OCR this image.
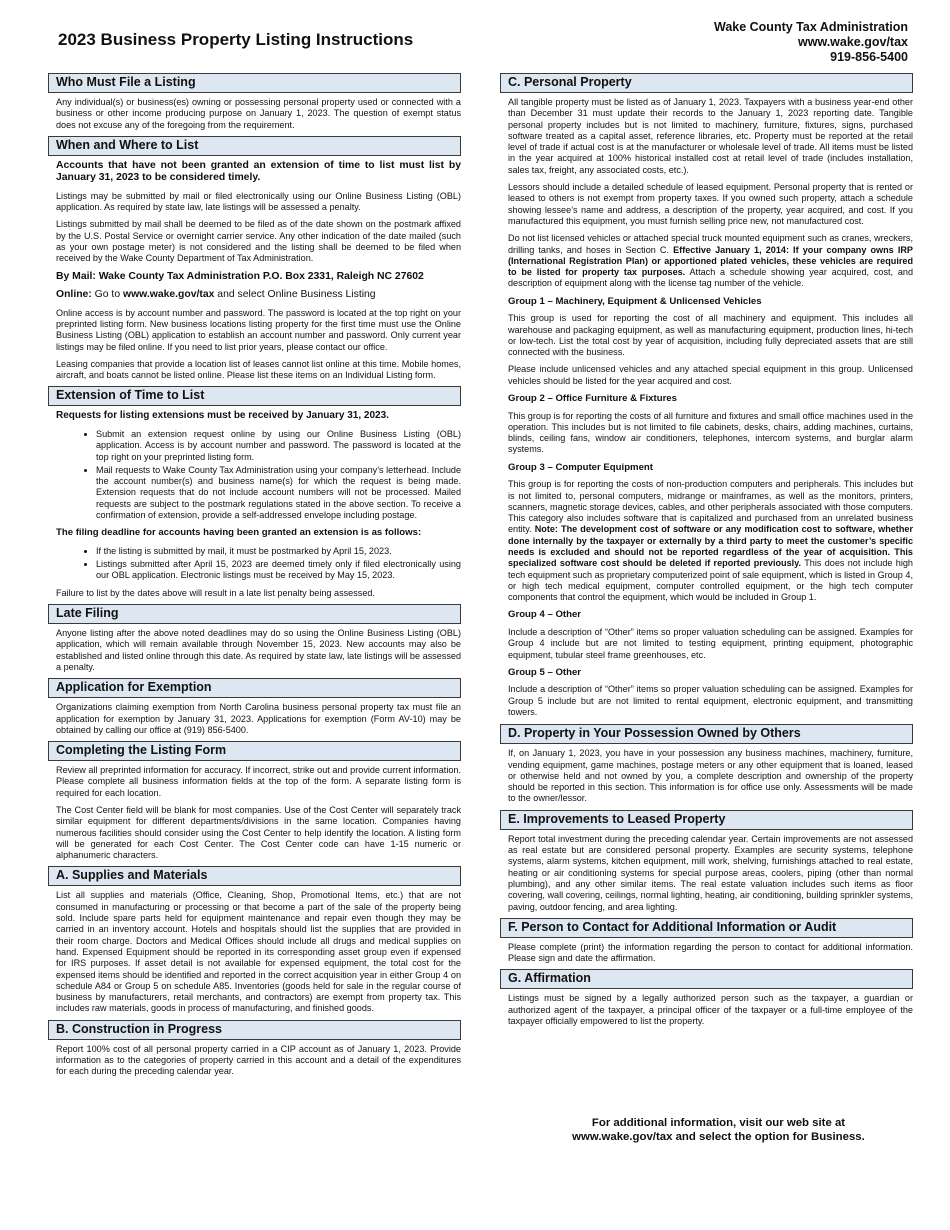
2023 Business Property Listing Instructions
Wake County Tax Administration
www.wake.gov/tax
919-856-5400
Who Must File a Listing

Any individual(s) or business(es) owning or possessing personal property used or connected with a business or other income producing purpose on January 1, 2023. The question of exempt status does not excuse any of the foregoing from the requirement.

When and Where to List

Accounts that have not been granted an extension of time to list must list by January 31, 2023 to be considered timely.

Listings may be submitted by mail or filed electronically using our Online Business Listing (OBL) application. As required by state law, late listings will be assessed a penalty.

Listings submitted by mail shall be deemed to be filed as of the date shown on the postmark affixed by the U.S. Postal Service or overnight carrier service. Any other indication of the date mailed (such as your own postage meter) is not considered and the listing shall be deemed to be filed when received by the Wake County Department of Tax Administration.

By Mail: Wake County Tax Administration P.O. Box 2331, Raleigh NC 27602

Online: Go to www.wake.gov/tax and select Online Business Listing

Online access is by account number and password. The password is located at the top right on your preprinted listing form. New business locations listing property for the first time must use the Online Business Listing (OBL) application to establish an account number and password. Only current year listings may be filed online. If you need to list prior years, please contact our office.

Leasing companies that provide a location list of leases cannot list online at this time. Mobile homes, aircraft, and boats cannot be listed online. Please list these items on an Individual Listing form.

Extension of Time to List

Requests for listing extensions must be received by January 31, 2023.

• Submit an extension request online by using our Online Business Listing (OBL) application. Access is by account number and password. The password is located at the top right on your preprinted listing form.
• Mail requests to Wake County Tax Administration using your company’s letterhead. Include the account number(s) and business name(s) for which the request is being made. Extension requests that do not include account numbers will not be processed. Mailed requests are subject to the postmark regulations stated in the above section. To receive a confirmation of extension, provide a self-addressed envelope including postage.

The filing deadline for accounts having been granted an extension is as follows:

• If the listing is submitted by mail, it must be postmarked by April 15, 2023.
• Listings submitted after April 15, 2023 are deemed timely only if filed electronically using our OBL application. Electronic listings must be received by May 15, 2023.

Failure to list by the dates above will result in a late list penalty being assessed.

Late Filing

Anyone listing after the above noted deadlines may do so using the Online Business Listing (OBL) application, which will remain available through November 15, 2023. New accounts may also be established and listed online through this date. As required by state law, late listings will be assessed a penalty.

Application for Exemption

Organizations claiming exemption from North Carolina business personal property tax must file an application for exemption by January 31, 2023. Applications for exemption (Form AV-10) may be obtained by calling our office at (919) 856-5400.

Completing the Listing Form

Review all preprinted information for accuracy. If incorrect, strike out and provide current information. Please complete all business information fields at the top of the form. A separate listing form is required for each location.

The Cost Center field will be blank for most companies. Use of the Cost Center will separately track similar equipment for different departments/divisions in the same location. Companies having numerous facilities should consider using the Cost Center to help identify the location. A listing form will be generated for each Cost Center. The Cost Center code can have 1-15 numeric or alphanumeric characters.

A. Supplies and Materials

List all supplies and materials (Office, Cleaning, Shop, Promotional Items, etc.) that are not consumed in manufacturing or processing or that become a part of the sale of the property being sold. Include spare parts held for equipment maintenance and repair even though they may be carried in an inventory account. Hotels and hospitals should list the supplies that are provided in their room charge. Doctors and Medical Offices should include all drugs and medical supplies on hand. Expensed Equipment should be reported in its corresponding asset group even if expensed for IRS purposes. If asset detail is not available for expensed equipment, the total cost for the expensed items should be identified and reported in the correct acquisition year in either Group 4 on schedule A84 or Group 5 on schedule A85. Inventories (goods held for sale in the regular course of business by manufacturers, retail merchants, and contractors) are exempt from property tax. This includes raw materials, goods in process of manufacturing, and finished goods.

B. Construction in Progress

Report 100% cost of all personal property carried in a CIP account as of January 1, 2023. Provide information as to the categories of property carried in this account and a detail of the expenditures for each during the preceding calendar year.

C. Personal Property

All tangible property must be listed as of January 1, 2023. Taxpayers with a business year-end other than December 31 must update their records to the January 1, 2023 reporting date. Tangible personal property includes but is not limited to machinery, furniture, fixtures, signs, purchased software treated as a capital asset, reference libraries, etc. Property must be reported at the retail level of trade if actual cost is at the manufacturer or wholesale level of trade. All items must be listed in the year acquired at 100% historical installed cost at retail level of trade (includes installation, sales tax, freight, any associated costs, etc.).

Lessors should include a detailed schedule of leased equipment. Personal property that is rented or leased to others is not exempt from property taxes. If you owned such property, attach a schedule showing lessee’s name and address, a description of the property, year acquired, and cost. If you manufactured this equipment, you must furnish selling price new, not manufactured cost.

Do not list licensed vehicles or attached special truck mounted equipment such as cranes, wreckers, drilling tanks, and hoses in Section C. Effective January 1, 2014: If your company owns IRP (International Registration Plan) or apportioned plated vehicles, these vehicles are required to be listed for property tax purposes. Attach a schedule showing year acquired, cost, and description of equipment along with the license tag number of the vehicle.

Group 1 – Machinery, Equipment & Unlicensed Vehicles

This group is used for reporting the cost of all machinery and equipment. This includes all warehouse and packaging equipment, as well as manufacturing equipment, production lines, hi-tech or low-tech. List the total cost by year of acquisition, including fully depreciated assets that are still connected with the business.

Please include unlicensed vehicles and any attached special equipment in this group. Unlicensed vehicles should be listed for the year acquired and cost.

Group 2 – Office Furniture & Fixtures

This group is for reporting the costs of all furniture and fixtures and small office machines used in the operation. This includes but is not limited to file cabinets, desks, chairs, adding machines, curtains, blinds, ceiling fans, window air conditioners, telephones, intercom systems, and burglar alarm systems.

Group 3 – Computer Equipment

This group is for reporting the costs of non-production computers and peripherals. This includes but is not limited to, personal computers, midrange or mainframes, as well as the monitors, printers, scanners, magnetic storage devices, cables, and other peripherals associated with those computers. This category also includes software that is capitalized and purchased from an unrelated business entity. Note: The development cost of software or any modification cost to software, whether done internally by the taxpayer or externally by a third party to meet the customer’s specific needs is excluded and should not be reported regardless of the year of acquisition. This specialized software cost should be deleted if reported previously. This does not include high tech equipment such as proprietary computerized point of sale equipment, which is listed in Group 4, or high tech medical equipment, computer controlled equipment, or the high tech computer components that control the equipment, which would be included in Group 1.

Group 4 – Other

Include a description of “Other” items so proper valuation scheduling can be assigned. Examples for Group 4 include but are not limited to testing equipment, printing equipment, photographic equipment, tubular steel frame greenhouses, etc.

Group 5 – Other

Include a description of “Other” items so proper valuation scheduling can be assigned. Examples for Group 5 include but are not limited to rental equipment, electronic equipment, and transmitting towers.

D. Property in Your Possession Owned by Others

If, on January 1, 2023, you have in your possession any business machines, machinery, furniture, vending equipment, game machines, postage meters or any other equipment that is loaned, leased or otherwise held and not owned by you, a complete description and ownership of the property should be reported in this section. This information is for office use only. Assessments will be made to the owner/lessor.

E. Improvements to Leased Property

Report total investment during the preceding calendar year. Certain improvements are not assessed as real estate but are considered personal property. Examples are security systems, telephone systems, alarm systems, kitchen equipment, mill work, shelving, furnishings attached to real estate, heating or air conditioning systems for special purpose areas, coolers, piping (other than normal plumbing), and any other similar items. The real estate valuation includes such items as floor covering, wall covering, ceilings, normal lighting, heating, air conditioning, building sprinkler systems, paving, outdoor fencing, and area lighting.

F. Person to Contact for Additional Information or Audit

Please complete (print) the information regarding the person to contact for additional information. Please sign and date the affirmation.

G. Affirmation

Listings must be signed by a legally authorized person such as the taxpayer, a guardian or authorized agent of the taxpayer, a principal officer of the taxpayer or a full-time employee of the taxpayer officially empowered to list the property.

For additional information, visit our web site at
www.wake.gov/tax and select the option for Business.
